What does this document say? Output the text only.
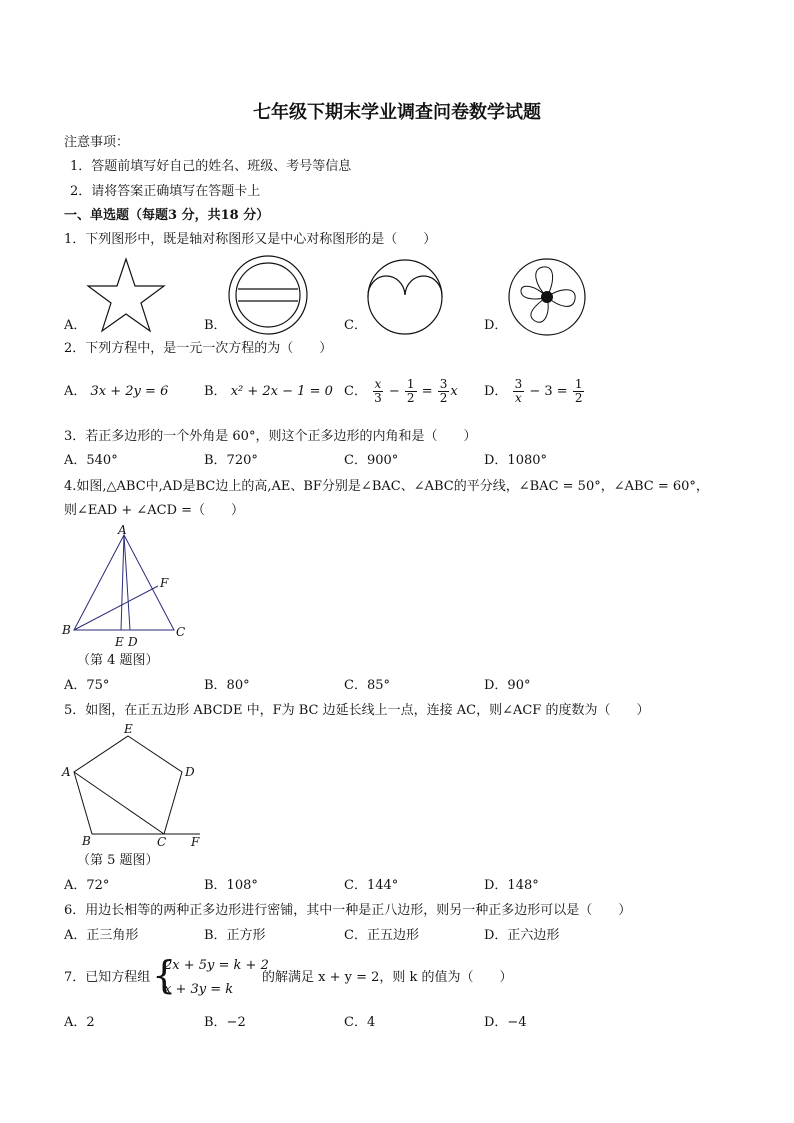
七年级下期末学业调查问卷数学试题
注意事项：
1．答题前填写好自己的姓名、班级、考号等信息
2．请将答案正确填写在答题卡上
一、单选题（每题3 分，共18 分）
1．下列图形中，既是轴对称图形又是中心对称图形的是（　　）
A．	B．	C．	D．
2．下列方程中，是一元一次方程的为（　　）
A． 3x + 2y = 6	B． x² + 2x − 1 = 0 C． $\frac{x}{3} - \frac{1}{2} = \frac{3}{2}$ x D． $\frac{3}{x} - 3 = \frac{1}{2}$
3．若正多边形的一个外角是 60°，则这个正多边形的内角和是（　　）
A．540°	B．720°	C．900°	D．1080°
4.如图,△ABC中,AD是BC边上的高,AE、BF分别是∠BAC、∠ABC的平分线，∠BAC = 50°，∠ABC = 60°，
则∠EAD + ∠ACD =（　　）
A
B	C
E D
F
（第 4 题图）
A．75°	B．80°	C．85°	D．90°
5．如图，在正五边形 ABCDE 中，F为 BC 边延长线上一点，连接 AC，则∠ACF 的度数为（　　）
E
D
A
B	C F
（第 5 题图）
A．72°	B．108°	C．144°	D．148°
6．用边长相等的两种正多边形进行密铺，其中一种是正八边形，则另一种正多边形可以是（　　）
A．正三角形	B．正方形	C．正五边形	D．正六边形
7．已知方程组 {
2x + 5y = k + 2
x + 3y = k
的解满足 x + y = 2，则 k 的值为（　　）
A．2	B．−2	C．4	D．−4
